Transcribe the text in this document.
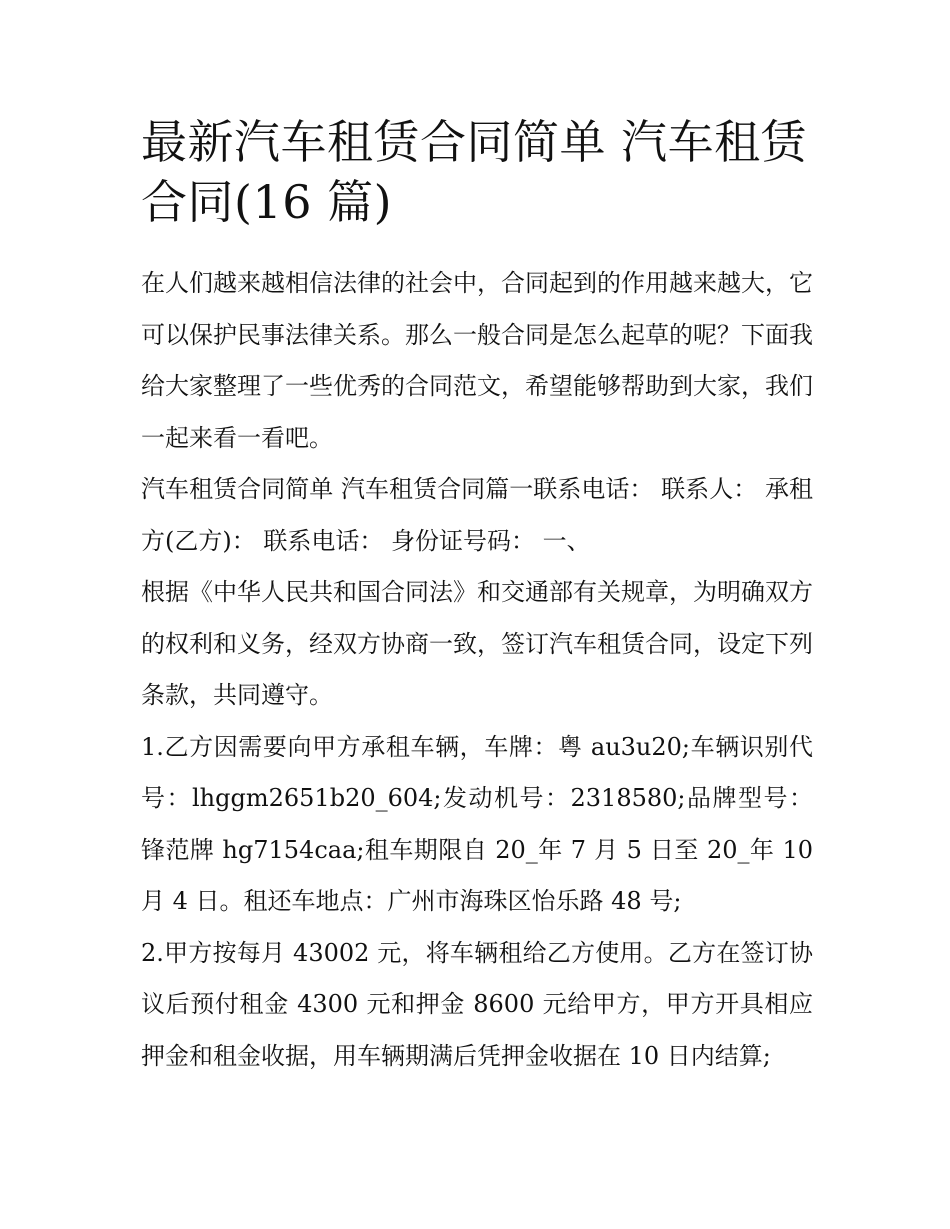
最新汽车租赁合同简单 汽车租赁合同(16 篇)

在人们越来越相信法律的社会中，合同起到的作用越来越大，它可以保护民事法律关系。那么一般合同是怎么起草的呢？下面我给大家整理了一些优秀的合同范文，希望能够帮助到大家，我们一起来看一看吧。

汽车租赁合同简单 汽车租赁合同篇一联系电话： 联系人： 承租方(乙方)： 联系电话： 身份证号码： 一、

根据《中华人民共和国合同法》和交通部有关规章，为明确双方的权利和义务，经双方协商一致，签订汽车租赁合同，设定下列条款，共同遵守。

1.乙方因需要向甲方承租车辆，车牌：粤 au3u20;车辆识别代号：lhggm2651b20_604;发动机号：2318580;品牌型号：锋范牌 hg7154caa;租车期限自 20_年 7 月 5 日至 20_年 10 月 4 日。租还车地点：广州市海珠区怡乐路 48 号;

2.甲方按每月 43002 元，将车辆租给乙方使用。乙方在签订协议后预付租金 4300 元和押金 8600 元给甲方，甲方开具相应押金和租金收据，用车辆期满后凭押金收据在 10 日内结算;
